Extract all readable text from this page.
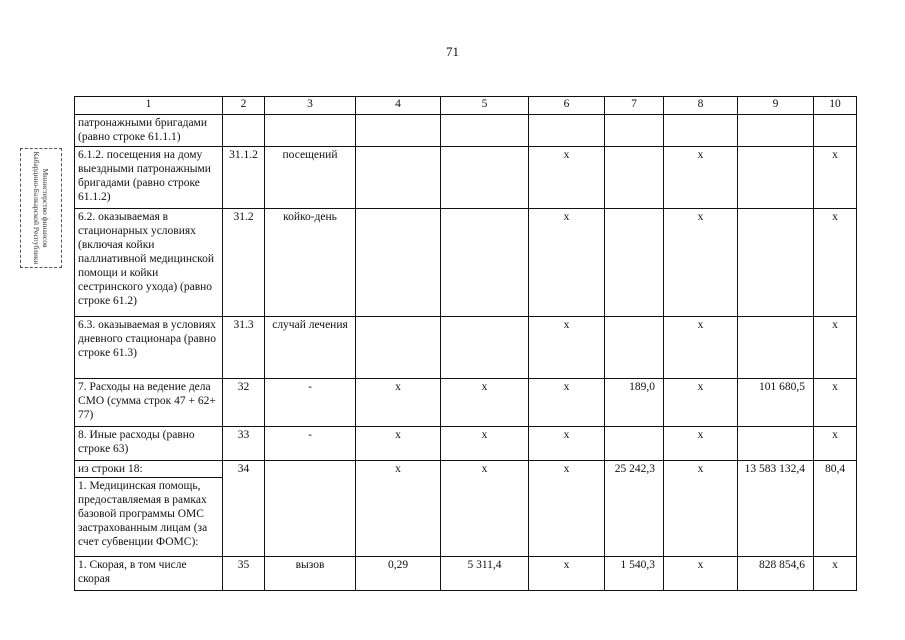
71
Министерство финансов Кабардино-Балкарской Республики
1	2	3	4	5	6	7	8	9	10
патронажными бригадами (равно строке 61.1.1)									
6.1.2. посещения на дому выездными патронажными бригадами (равно строке 61.1.2)	31.1.2	посещений			х		х		х
6.2. оказываемая в стационарных условиях (включая койки паллиативной медицинской помощи и койки сестринского ухода) (равно строке 61.2)	31.2	койко-день			х		х		х
6.3. оказываемая в условиях дневного стационара (равно строке 61.3)	31.3	случай лечения			х		х		х
7. Расходы на ведение дела СМО (сумма строк 47 + 62+ 77)	32	-	х	х	х	189,0	х	101 680,5	х
8. Иные расходы (равно строке 63)	33	-	х	х	х		х		х

из строки 18:
1. Медицинская помощь, предоставляемая в рамках базовой программы ОМС застрахованным лицам (за счет субвенции ФОМС):	34		х	х	х	25 242,3	х	13 583 132,4	80,4
1. Скорая, в том числе скорая	35	вызов	0,29	5 311,4	х	1 540,3	х	828 854,6	х
